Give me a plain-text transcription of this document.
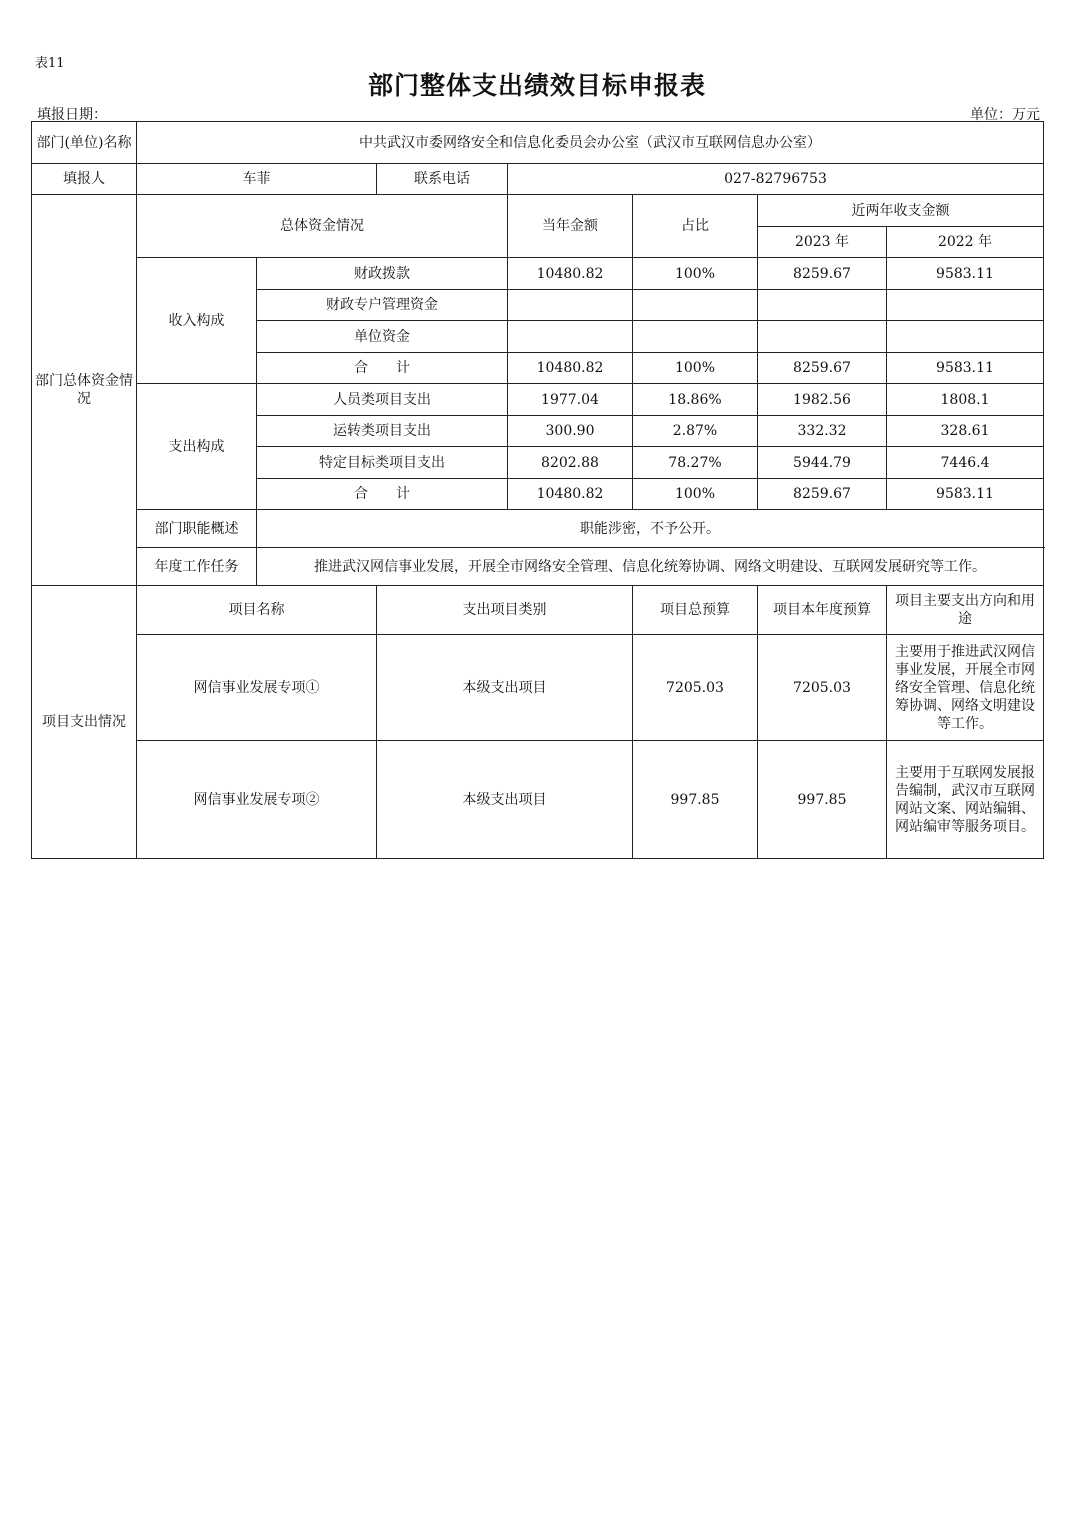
表11
部门整体支出绩效目标申报表
填报日期：	单位：万元
部门(单位)名称	中共武汉市委网络安全和信息化委员会办公室（武汉市互联网信息办公室）						
填报人	车菲		联系电话	027-82796753			
部门总体资金情况	总体资金情况			当年金额	占比	近两年收支金额	
						2023 年	2022 年
	收入构成	财政拨款		10480.82	100%	8259.67	9583.11
		财政专户管理资金					
		单位资金					
		合　　计		10480.82	100%	8259.67	9583.11
	支出构成	人员类项目支出		1977.04	18.86%	1982.56	1808.1
		运转类项目支出		300.90	2.87%	332.32	328.61
		特定目标类项目支出		8202.88	78.27%	5944.79	7446.4
		合　　计		10480.82	100%	8259.67	9583.11
	部门职能概述	职能涉密，不予公开。					
	年度工作任务	推进武汉网信事业发展，开展全市网络安全管理、信息化统筹协调、网络文明建设、互联网发展研究等工作。					
项目支出情况	项目名称		支出项目类别		项目总预算	项目本年度预算	项目主要支出方向和用途
	网信事业发展专项①		本级支出项目		7205.03	7205.03	主要用于推进武汉网信事业发展，开展全市网络安全管理、信息化统筹协调、网络文明建设等工作。
	网信事业发展专项②		本级支出项目		997.85	997.85	主要用于互联网发展报告编制，武汉市互联网网站文案、网站编辑、网站编审等服务项目。
